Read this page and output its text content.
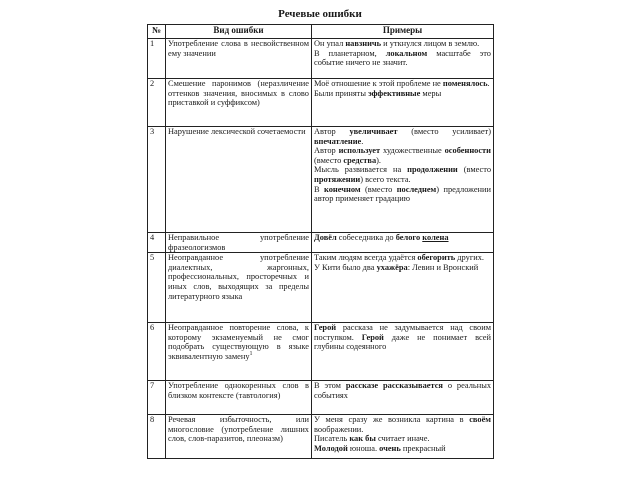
Речевые ошибки
№	Вид ошибки	Примеры
1	Употребление слова в несвойственном ему значении	Он упал навзничь и уткнулся лицом в землю.
В планетарном, локальном масштабе это событие ничего не значит.

2	Смешение паронимов (неразличение оттенков значения, вносимых в слово приставкой и суффиксом)	Моё отношение к этой проблеме не поменялось.
Были приняты эффективные меры

3	Нарушение лексической сочетаемости	Автор увеличивает (вместо усиливает) впечатление.
Автор использует художественные особенности (вместо средства).
Мысль развивается на продолжении (вместо протяжении) всего текста.
В конечном (вместо последнем) предложении автор применяет градацию

4	Неправильное употребление фразеологизмов	Довёл собеседника до белого колена

5	Неоправданное употребление диалектных, жаргонных, профессиональных, просторечных и иных слов, выходящих за пределы литературного языка	Таким людям всегда удаётся обегорить других.
У Кити было два ухажёра: Левин и Вронский

6	Неоправданное повторение слова, к которому экзаменуемый не смог подобрать существующую в языке эквивалентную замену$^1$	Герой рассказа не задумывается над своим поступком. Герой даже не понимает всей глубины содеянного

7	Употребление однокоренных слов в близком контексте (тавтология)	В этом рассказе рассказывается о реальных событиях

8	Речевая избыточность, или многословие (употребление лишних слов, слов-паразитов, плеоназм)	У меня сразу же возникла картина в своём воображении.
Писатель как бы считает иначе.
Молодой юноша. очень прекрасный
